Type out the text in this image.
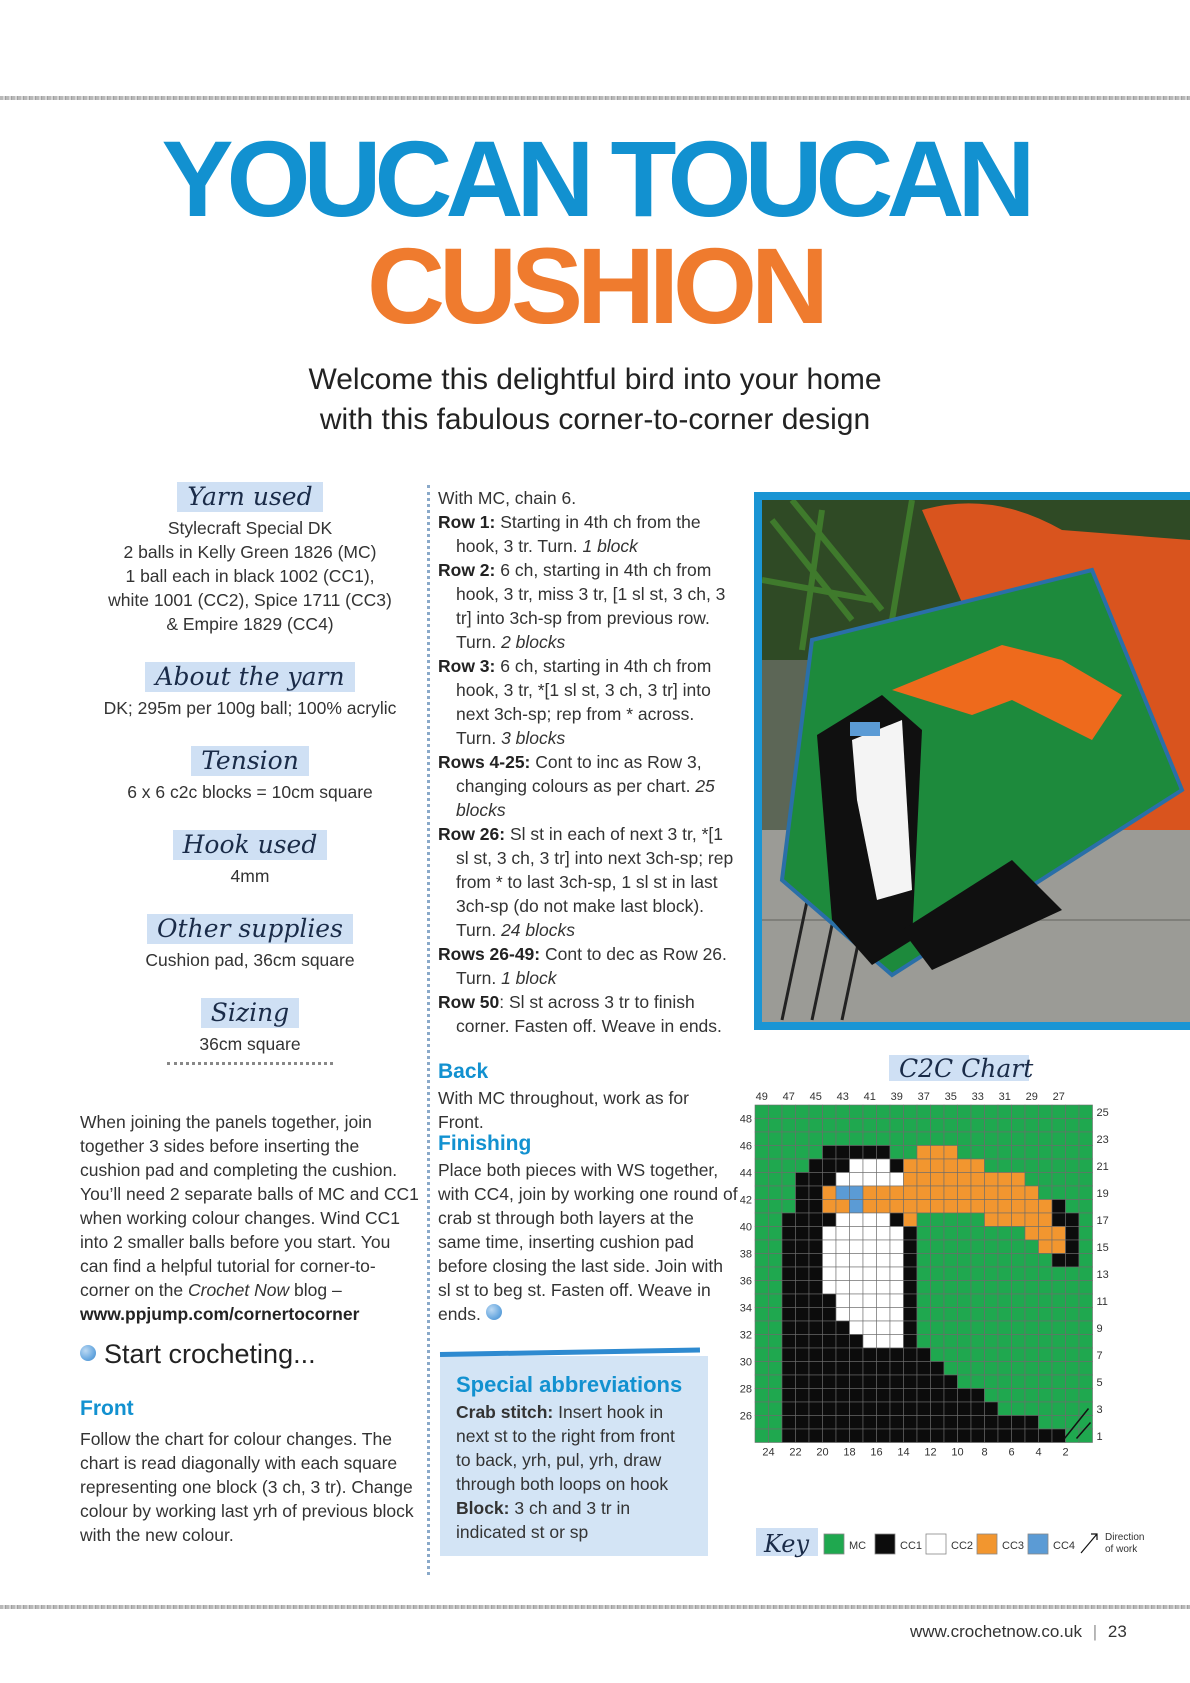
YOUCAN TOUCAN
CUSHION
Welcome this delightful bird into your home
with this fabulous corner-to-corner design
Yarn used
Stylecraft Special DK
2 balls in Kelly Green 1826 (MC)
1 ball each in black 1002 (CC1),
white 1001 (CC2), Spice 1711 (CC3)
& Empire 1829 (CC4)
About the yarn
DK; 295m per 100g ball; 100% acrylic
Tension
6 x 6 c2c blocks = 10cm square
Hook used
4mm
Other supplies
Cushion pad, 36cm square
Sizing
36cm square
When joining the panels together, join together 3 sides before inserting the cushion pad and completing the cushion. You’ll need 2 separate balls of MC and CC1 when working colour changes. Wind CC1 into 2 smaller balls before you start. You can find a helpful tutorial for corner-to-corner on the Crochet Now blog –
www.ppjump.com/cornertocorner
Start crocheting...
Front
Follow the chart for colour changes. The chart is read diagonally with each square representing one block (3 ch, 3 tr). Change colour by working last yrh of previous block with the new colour.
With MC, chain 6.
Row 1: Starting in 4th ch from the hook, 3 tr. Turn. 1 block
Row 2: 6 ch, starting in 4th ch from hook, 3 tr, miss 3 tr, [1 sl st, 3 ch, 3 tr] into 3ch-sp from previous row. Turn. 2 blocks
Row 3: 6 ch, starting in 4th ch from hook, 3 tr, *[1 sl st, 3 ch, 3 tr] into next 3ch-sp; rep from * across. Turn. 3 blocks
Rows 4-25: Cont to inc as Row 3, changing colours as per chart. 25 blocks
Row 26: Sl st in each of next 3 tr, *[1 sl st, 3 ch, 3 tr] into next 3ch-sp; rep from * to last 3ch-sp, 1 sl st in last 3ch-sp (do not make last block). Turn. 24 blocks
Rows 26-49: Cont to dec as Row 26. Turn. 1 block
Row 50: Sl st across 3 tr to finish corner. Fasten off. Weave in ends.
Back
With MC throughout, work as for Front.
Finishing
Place both pieces with WS together, with CC4, join by working one round of crab st through both layers at the same time, inserting cushion pad before closing the last side. Join with sl st to beg st. Fasten off. Weave in ends.
Special abbreviations
Crab stitch: Insert hook in next st to the right from front to back, yrh, pul, yrh, draw through both loops on hook
Block: 3 ch and 3 tr in indicated st or sp
C2C Chart
49 47 45 43 41 39 37 35 33 31 29 27
24 22 20 18 16 14 12 10 8 6 4 2
48
46
44
42
40
38
36
34
32
30
28
26
25
23
21
19
17
15
13
11
9
7
5
3
1
Key	MC	CC1	CC2	CC3	CC4
Direction
of work
www.crochetnow.co.uk | 23
